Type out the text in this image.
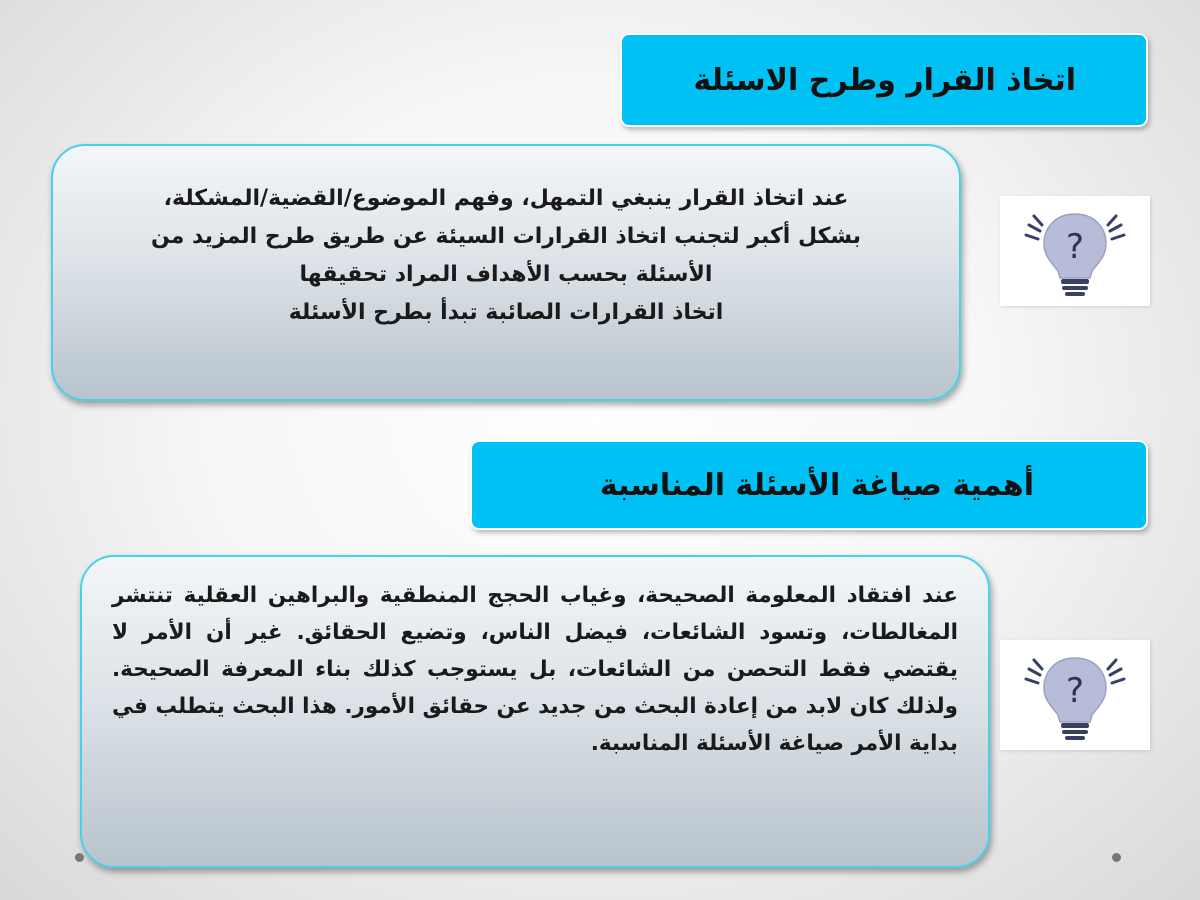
اتخاذ القرار وطرح الاسئلة
عند اتخاذ القرار ينبغي التمهل، وفهم الموضوع/القضية/المشكلة،
بشكل أكبر لتجنب اتخاذ القرارات السيئة عن طريق طرح المزيد من
الأسئلة بحسب الأهداف المراد تحقيقها
اتخاذ القرارات الصائبة تبدأ بطرح الأسئلة
?
أهمية صياغة الأسئلة المناسبة
عند افتقاد المعلومة الصحيحة، وغياب الحجج المنطقية والبراهين العقلية تنتشر المغالطات، وتسود الشائعات، فيضل الناس، وتضيع الحقائق. غير أن الأمر لا يقتضي فقط التحصن من الشائعات، بل يستوجب كذلك بناء المعرفة الصحيحة. ولذلك كان لابد من إعادة البحث من جديد عن حقائق الأمور. هذا البحث يتطلب في بداية الأمر صياغة الأسئلة المناسبة.
?
